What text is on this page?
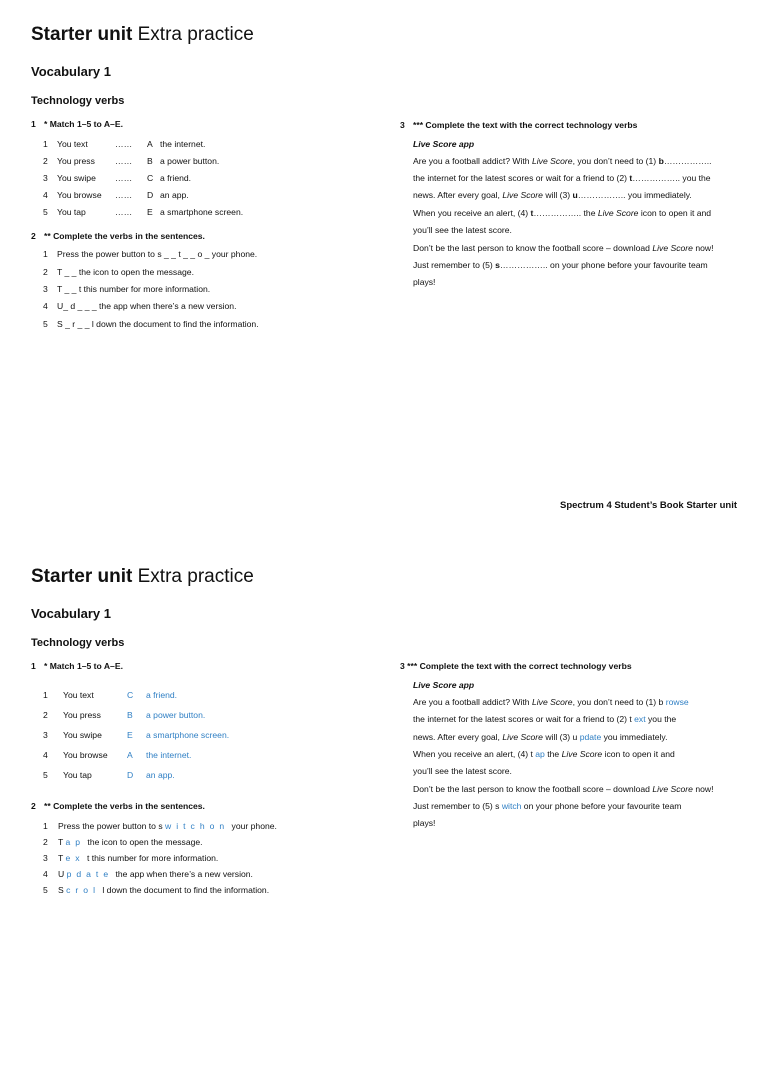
Starter unit Extra practice
Vocabulary 1
Technology verbs
1 * Match 1–5 to A–E.
1 You text	…… A the internet.
2 You press …… B a power button.
3 You swipe …… C a friend.
4 You browse …… D an app.
5 You tap	…… E a smartphone screen.
2 ** Complete the verbs in the sentences.
1 Press the power button to s _ _ t _ _ o _ your phone.
2 T _ _ the icon to open the message.
3 T _ _ t this number for more information.
4 U_ d _ _ _ the app when there’s a new version.
5 S _ r _ _ l down the document to find the information.
3 *** Complete the text with the correct technology verbs
Live Score app
Are you a football addict? With Live Score, you don’t need to (1) b……………..
the internet for the latest scores or wait for a friend to (2) t…………….. you the
news. After every goal, Live Score will (3) u…………….. you immediately.
When you receive an alert, (4) t…………….. the Live Score icon to open it and
you’ll see the latest score.
Don’t be the last person to know the football score – download Live Score now!
Just remember to (5) s…………….. on your phone before your favourite team
plays!
Spectrum 4 Student’s Book Starter unit
Starter unit Extra practice
Vocabulary 1
Technology verbs
1 * Match 1–5 to A–E.
1 You text	C a friend.
2 You press	B a power button.
3 You swipe	E a smartphone screen.
4 You browse A the internet.
5 You tap	D an app.
2 ** Complete the verbs in the sentences.
1 Press the power button to s witchon your phone.
2 T ap the icon to open the message.
3 T ex t this number for more information.
4 U pdate the app when there’s a new version.
5 S crol l down the document to find the information.
3 *** Complete the text with the correct technology verbs
Live Score app
Are you a football addict? With Live Score, you don’t need to (1) b rowse
the internet for the latest scores or wait for a friend to (2) t ext you the
news. After every goal, Live Score will (3) u pdate you immediately.
When you receive an alert, (4) t ap the Live Score icon to open it and
you’ll see the latest score.
Don’t be the last person to know the football score – download Live Score now!
Just remember to (5) s witch on your phone before your favourite team
plays!
